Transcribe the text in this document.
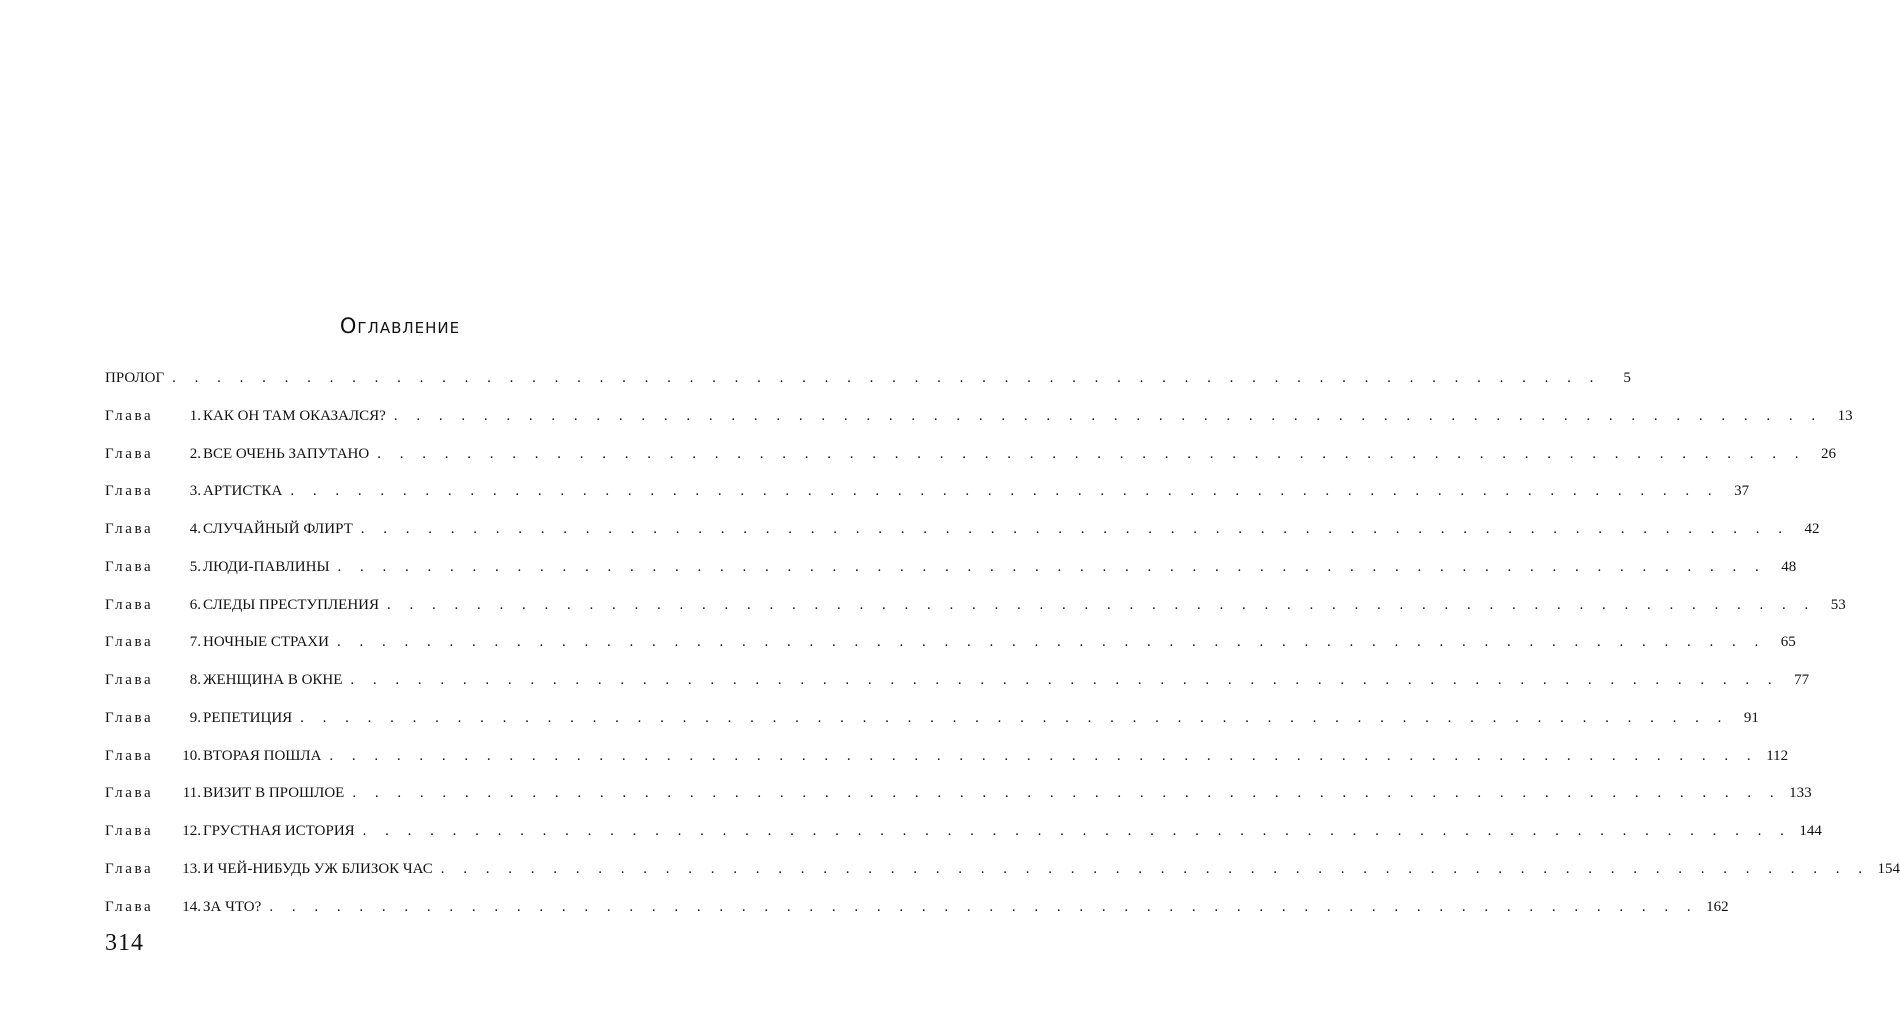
Оглавление
ПРОЛОГ . . . . . . . . . . . . . . . . . . . . . . . . . . . . . . . . . . . . . . . . . . . . . . . . . . . . . . . . . . . . . . . .	5
Глава	1. КАК ОН ТАМ ОКАЗАЛСЯ? . . . . . . . . . . . . . . . . . . . . . . . . . . . . . . . . . . . . . . . . . . . . . . . . . . . . . . . . . . . . . . . .	13
Глава	2. ВСЕ ОЧЕНЬ ЗАПУТАНО . . . . . . . . . . . . . . . . . . . . . . . . . . . . . . . . . . . . . . . . . . . . . . . . . . . . . . . . . . . . . . . .	26
Глава	3. АРТИСТКА . . . . . . . . . . . . . . . . . . . . . . . . . . . . . . . . . . . . . . . . . . . . . . . . . . . . . . . . . . . . . . . .	37
Глава	4. СЛУЧАЙНЫЙ ФЛИРТ . . . . . . . . . . . . . . . . . . . . . . . . . . . . . . . . . . . . . . . . . . . . . . . . . . . . . . . . . . . . . . . .	42
Глава	5. ЛЮДИ-ПАВЛИНЫ . . . . . . . . . . . . . . . . . . . . . . . . . . . . . . . . . . . . . . . . . . . . . . . . . . . . . . . . . . . . . . . .	48
Глава	6. СЛЕДЫ ПРЕСТУПЛЕНИЯ . . . . . . . . . . . . . . . . . . . . . . . . . . . . . . . . . . . . . . . . . . . . . . . . . . . . . . . . . . . . . . . .	53
Глава	7. НОЧНЫЕ СТРАХИ . . . . . . . . . . . . . . . . . . . . . . . . . . . . . . . . . . . . . . . . . . . . . . . . . . . . . . . . . . . . . . . .	65
Глава	8. ЖЕНЩИНА В ОКНЕ . . . . . . . . . . . . . . . . . . . . . . . . . . . . . . . . . . . . . . . . . . . . . . . . . . . . . . . . . . . . . . . .	77
Глава	9. РЕПЕТИЦИЯ . . . . . . . . . . . . . . . . . . . . . . . . . . . . . . . . . . . . . . . . . . . . . . . . . . . . . . . . . . . . . . . .	91
Глава	10. ВТОРАЯ ПОШЛА . . . . . . . . . . . . . . . . . . . . . . . . . . . . . . . . . . . . . . . . . . . . . . . . . . . . . . . . . . . . . . . . 112
Глава	11. ВИЗИТ В ПРОШЛОЕ . . . . . . . . . . . . . . . . . . . . . . . . . . . . . . . . . . . . . . . . . . . . . . . . . . . . . . . . . . . . . . . . 133
Глава	12. ГРУСТНАЯ ИСТОРИЯ . . . . . . . . . . . . . . . . . . . . . . . . . . . . . . . . . . . . . . . . . . . . . . . . . . . . . . . . . . . . . . . . 144
Глава	13. И ЧЕЙ-НИБУДЬ УЖ БЛИЗОК ЧАС . . . . . . . . . . . . . . . . . . . . . . . . . . . . . . . . . . . . . . . . . . . . . . . . . . . . . . . . . . . . . . . . 154
Глава	14. ЗА ЧТО? . . . . . . . . . . . . . . . . . . . . . . . . . . . . . . . . . . . . . . . . . . . . . . . . . . . . . . . . . . . . . . . . 162
314
